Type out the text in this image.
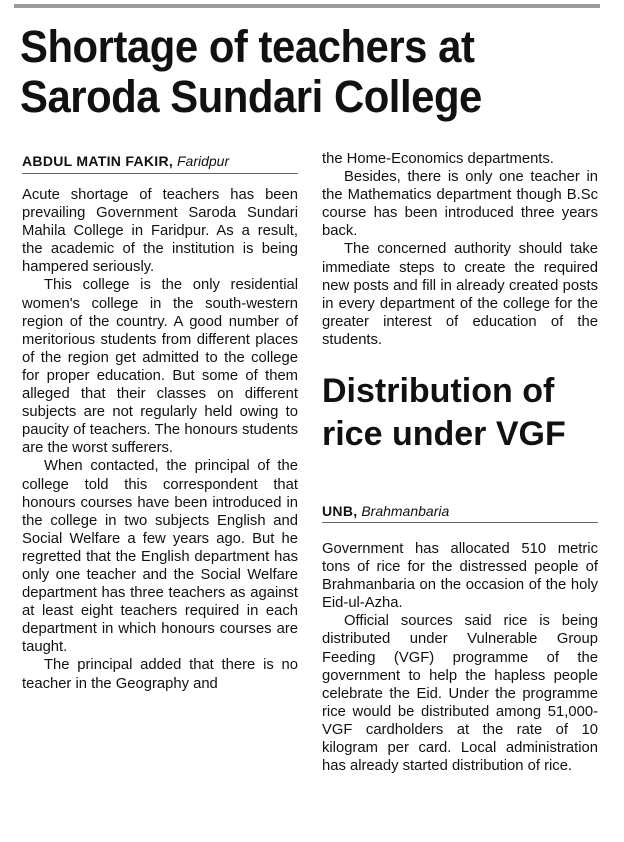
Shortage of teachers at Saroda Sundari College
ABDUL MATIN FAKIR, Faridpur

Acute shortage of teachers has been prevailing Government Saroda Sundari Mahila College in Faridpur. As a result, the academic of the institution is being hampered seriously.

This college is the only residential women's college in the south-western region of the country. A good number of meritorious students from different places of the region get admitted to the college for proper education. But some of them alleged that their classes on different subjects are not regularly held owing to paucity of teachers. The honours students are the worst sufferers.

When contacted, the principal of the college told this correspondent that honours courses have been introduced in the college in two subjects English and Social Welfare a few years ago. But he regretted that the English department has only one teacher and the Social Welfare department has three teachers as against at least eight teachers required in each department in which honours courses are taught.

The principal added that there is no teacher in the Geography and

the Home-Economics departments.

Besides, there is only one teacher in the Mathematics department though B.Sc course has been introduced three years back.

The concerned authority should take immediate steps to create the required new posts and fill in already created posts in every department of the college for the greater interest of education of the students.

Distribution of rice under VGF
UNB, Brahmanbaria

Government has allocated 510 metric tons of rice for the distressed people of Brahmanbaria on the occasion of the holy Eid-ul-Azha.

Official sources said rice is being distributed under Vulnerable Group Feeding (VGF) programme of the government to help the hapless people celebrate the Eid. Under the programme rice would be distributed among 51,000-VGF cardholders at the rate of 10 kilogram per card. Local administration has already started distribution of rice.
